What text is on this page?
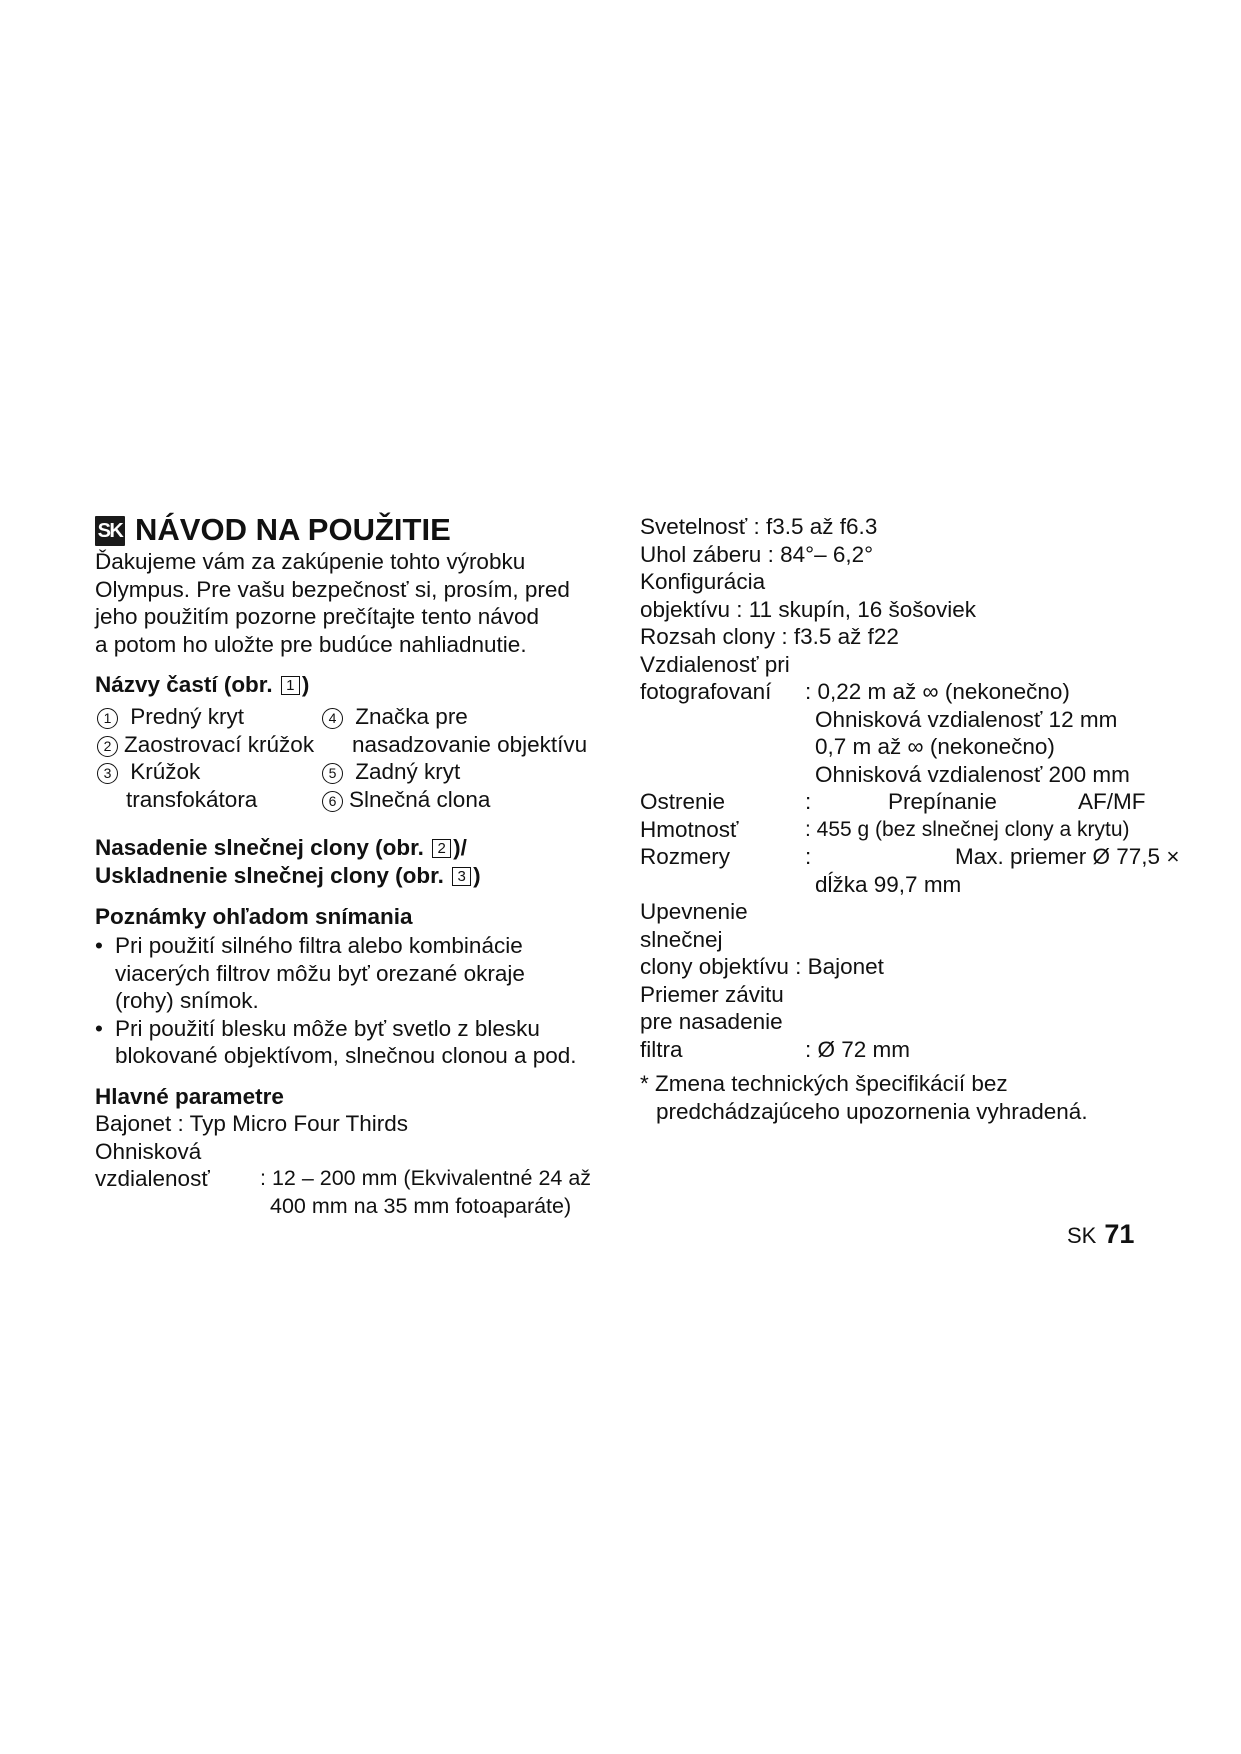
SK NÁVOD NA POUŽITIE
Ďakujeme vám za zakúpenie tohto výrobku
Olympus. Pre vašu bezpečnosť si, prosím, pred
jeho použitím pozorne prečítajte tento návod
a potom ho uložte pre budúce nahliadnutie.
Názvy častí (obr. 1 )
1 Predný kryt
2 Zaostrovací krúžok
3 Krúžok
transfokátora
4 Značka pre
nasadzovanie objektívu
5 Zadný kryt
6 Slnečná clona
Nasadenie slnečnej clony (obr. 2 )/
Uskladnenie slnečnej clony (obr. 3 )
Poznámky ohľadom snímania
• Pri použití silného filtra alebo kombinácie
viacerých filtrov môžu byť orezané okraje
(rohy) snímok.
• Pri použití blesku môže byť svetlo z blesku
blokované objektívom, slnečnou clonou a pod.
Hlavné parametre
Bajonet : Typ Micro Four Thirds
Ohnisková
vzdialenosť : 12 – 200 mm (Ekvivalentné 24 až
400 mm na 35 mm fotoaparáte)
Svetelnosť : f3.5 až f6.3
Uhol záberu : 84°– 6,2°
Konfigurácia
objektívu : 11 skupín, 16 šošoviek
Rozsah clony : f3.5 až f22
Vzdialenosť pri
fotografovaní : 0,22 m až ∞ (nekonečno)
Ohnisková vzdialenosť 12 mm
0,7 m až ∞ (nekonečno)
Ohnisková vzdialenosť 200 mm
Ostrenie	:	Prepínanie	AF/MF
Hmotnosť	: 455 g (bez slnečnej clony a krytu)
Rozmery	:	Max. priemer Ø 77,5 ×
dĺžka 99,7 mm
Upevnenie
slnečnej
clony objektívu : Bajonet
Priemer závitu
pre nasadenie
filtra	: Ø 72 mm
* Zmena technických špecifikácií bez
predchádzajúceho upozornenia vyhradená.
SK 71
